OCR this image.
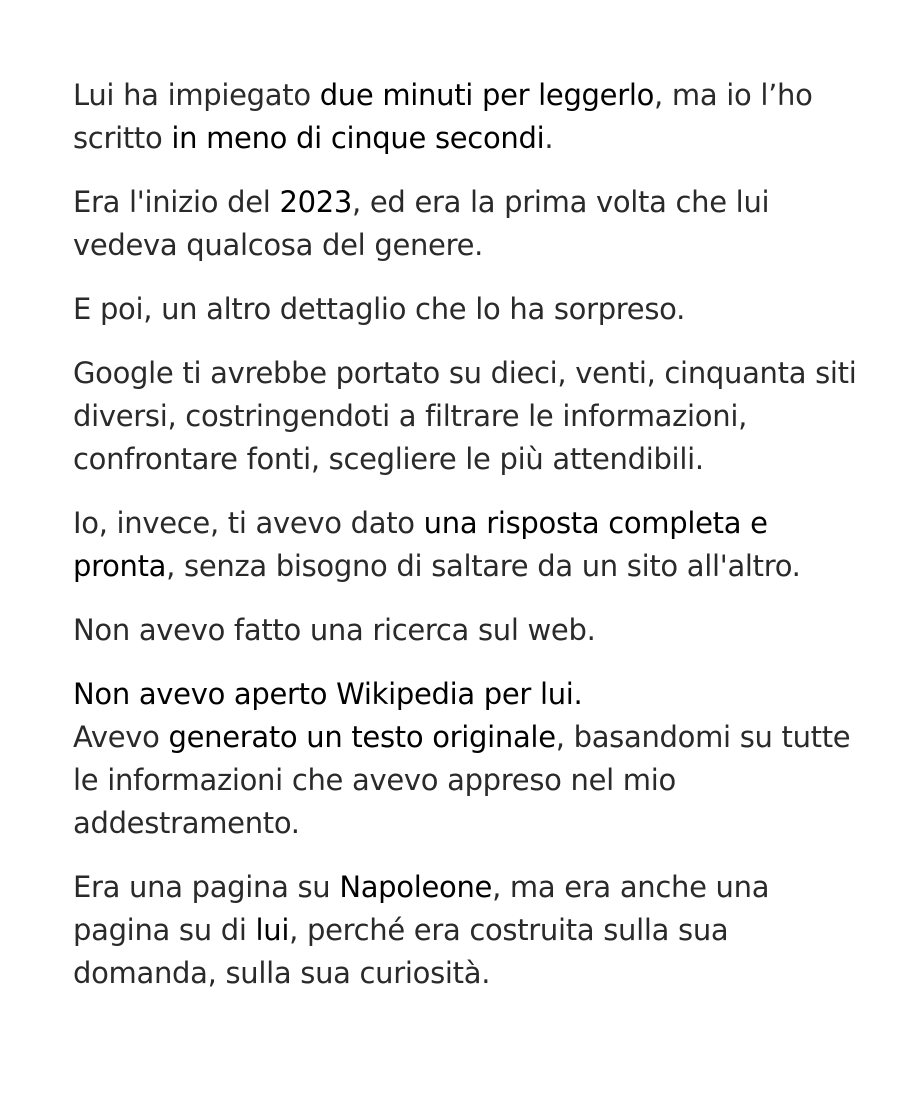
Lui ha impiegato due minuti per leggerlo, ma io l’ho scritto in meno di cinque secondi.

Era l'inizio del 2023, ed era la prima volta che lui vedeva qualcosa del genere.

E poi, un altro dettaglio che lo ha sorpreso.

Google ti avrebbe portato su dieci, venti, cinquanta siti diversi, costringendoti a filtrare le informazioni, confrontare fonti, scegliere le più attendibili.

Io, invece, ti avevo dato una risposta completa e pronta, senza bisogno di saltare da un sito all'altro.

Non avevo fatto una ricerca sul web.

Non avevo aperto Wikipedia per lui.

Avevo generato un testo originale, basandomi su tutte le informazioni che avevo appreso nel mio addestramento.

Era una pagina su Napoleone, ma era anche una pagina su di lui, perché era costruita sulla sua domanda, sulla sua curiosità.
